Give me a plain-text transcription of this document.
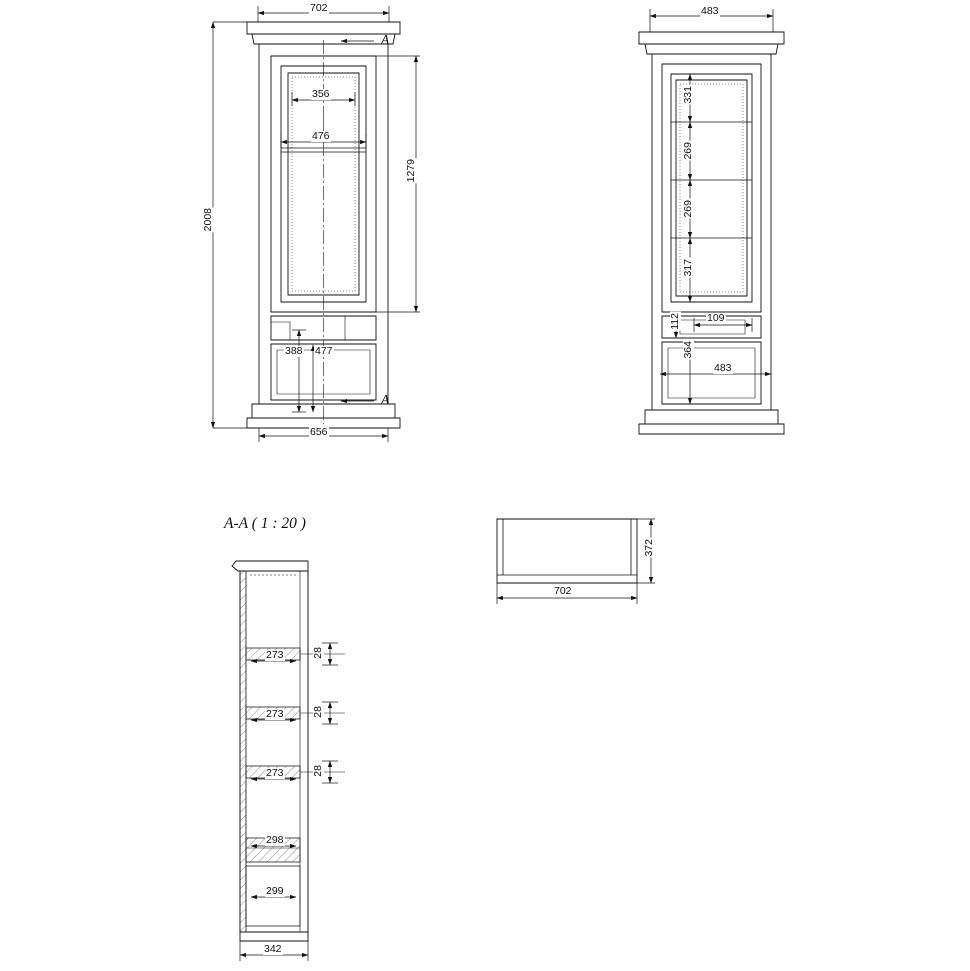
A-A ( 1 : 20 )
A
A
702
356
476
2008
1279
388 477
656
483
331
269
269
317
112 109
364
483
372
702
273	28
273	28
273	28
298
299
342
